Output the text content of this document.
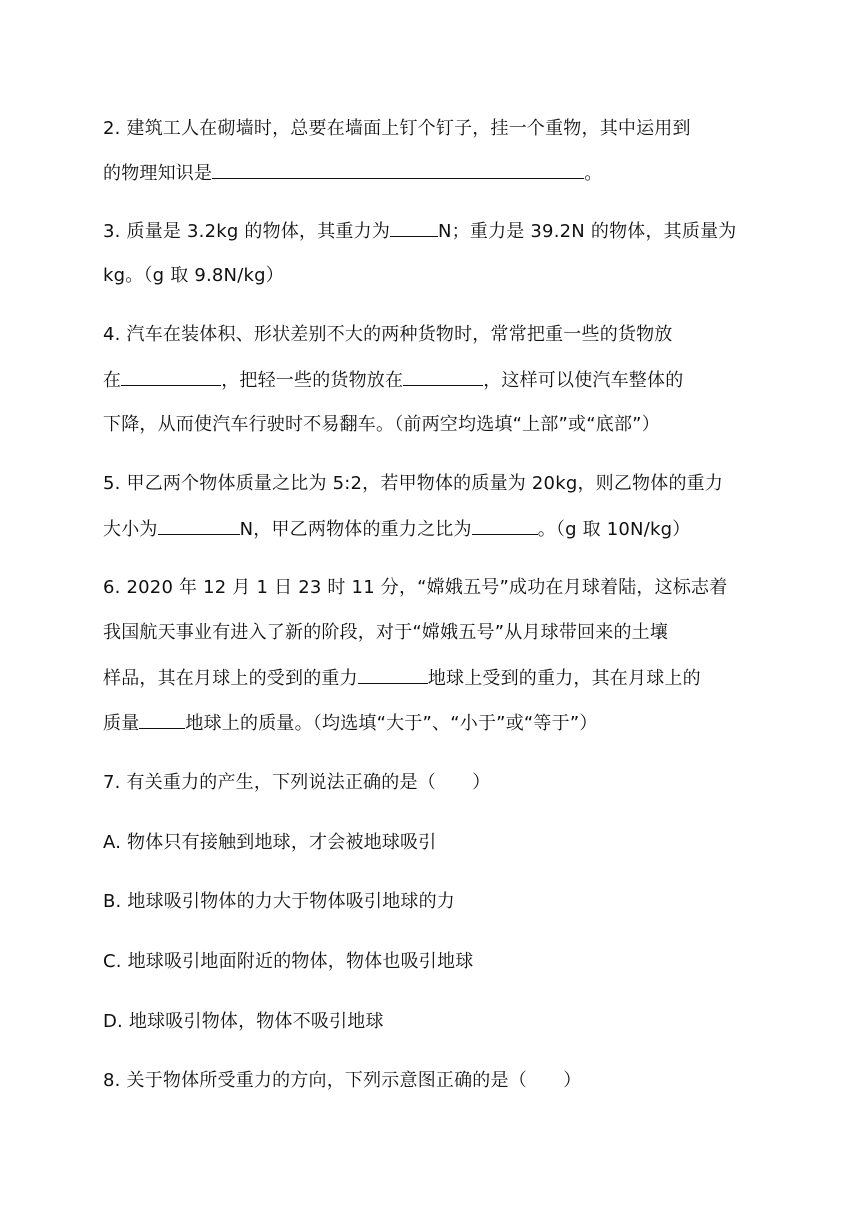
2. 建筑工人在砌墙时，总要在墙面上钉个钉子，挂一个重物，其中运用到
的物理知识是	。
3. 质量是 3.2kg 的物体，其重力为	N；重力是 39.2N 的物体，其质量为
kg。（g 取 9.8N/kg）
4. 汽车在装体积、形状差别不大的两种货物时，常常把重一些的货物放
在	，把轻一些的货物放在	，这样可以使汽车整体的
下降，从而使汽车行驶时不易翻车。（前两空均选填“上部”或“底部”）
5. 甲乙两个物体质量之比为 5:2，若甲物体的质量为 20kg，则乙物体的重力
大小为	N，甲乙两物体的重力之比为	。（g 取 10N/kg）
6. 2020 年 12 月 1 日 23 时 11 分，“嫦娥五号”成功在月球着陆，这标志着
我国航天事业有进入了新的阶段，对于“嫦娥五号”从月球带回来的土壤
样品，其在月球上的受到的重力	地球上受到的重力，其在月球上的
质量	地球上的质量。（均选填“大于”、“小于”或“等于”）
7. 有关重力的产生，下列说法正确的是（　　）
A. 物体只有接触到地球，才会被地球吸引
B. 地球吸引物体的力大于物体吸引地球的力
C. 地球吸引地面附近的物体，物体也吸引地球
D. 地球吸引物体，物体不吸引地球
8. 关于物体所受重力的方向，下列示意图正确的是（　　）
